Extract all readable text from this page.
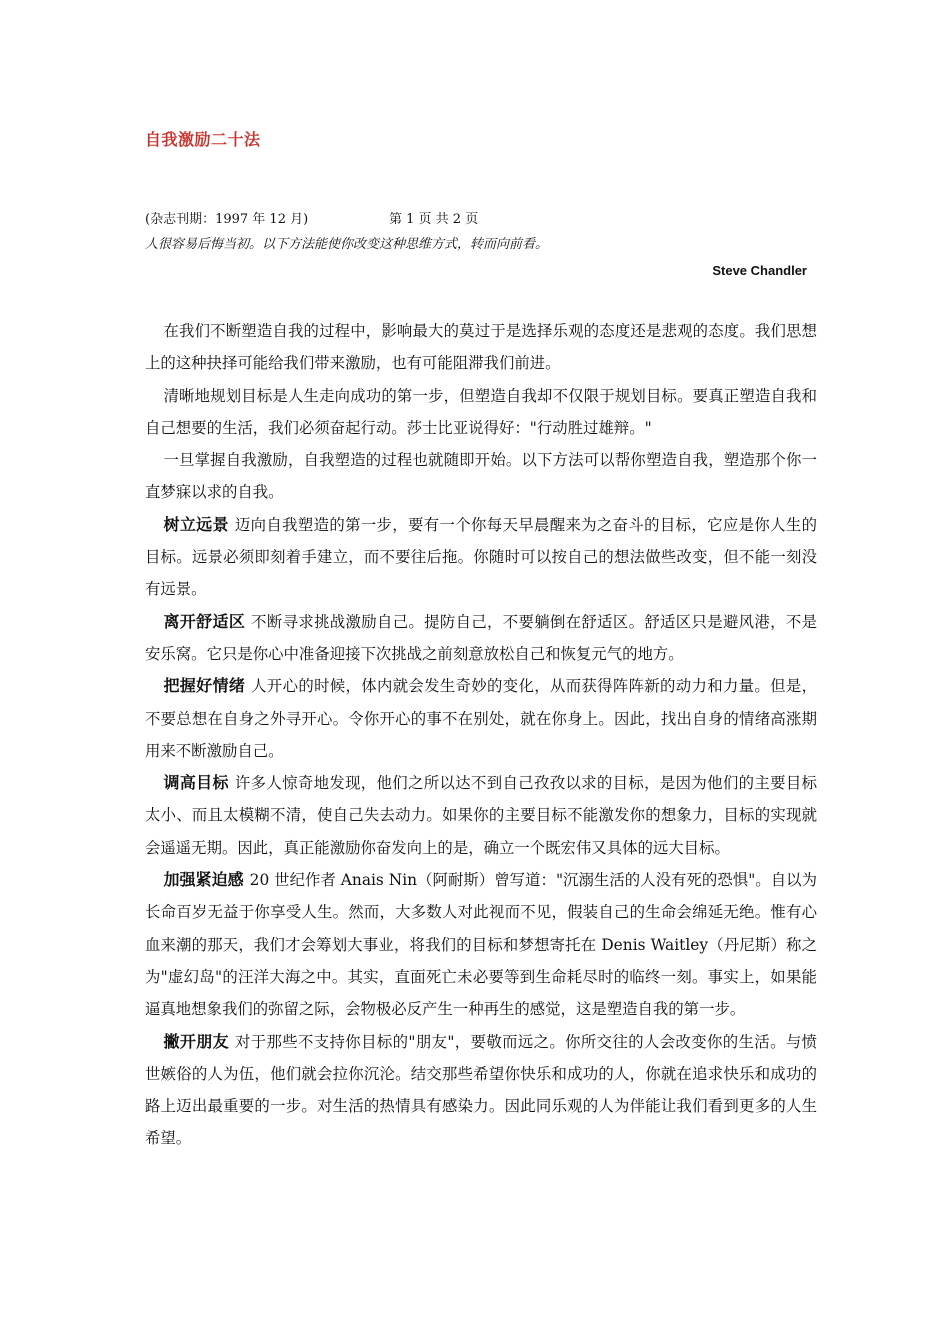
自我激励二十法
(杂志刊期：1997 年 12 月)	第 1 页 共 2 页
人很容易后悔当初。以下方法能使你改变这种思维方式，转而向前看。
Steve Chandler

在我们不断塑造自我的过程中，影响最大的莫过于是选择乐观的态度还是悲观的态度。我们思想上的这种抉择可能给我们带来激励，也有可能阻滞我们前进。

清晰地规划目标是人生走向成功的第一步，但塑造自我却不仅限于规划目标。要真正塑造自我和自己想要的生活，我们必须奋起行动。莎士比亚说得好："行动胜过雄辩。"

一旦掌握自我激励，自我塑造的过程也就随即开始。以下方法可以帮你塑造自我，塑造那个你一直梦寐以求的自我。

树立远景 迈向自我塑造的第一步，要有一个你每天早晨醒来为之奋斗的目标，它应是你人生的目标。远景必须即刻着手建立，而不要往后拖。你随时可以按自己的想法做些改变，但不能一刻没有远景。

离开舒适区 不断寻求挑战激励自己。提防自己，不要躺倒在舒适区。舒适区只是避风港，不是安乐窝。它只是你心中准备迎接下次挑战之前刻意放松自己和恢复元气的地方。

把握好情绪 人开心的时候，体内就会发生奇妙的变化，从而获得阵阵新的动力和力量。但是，不要总想在自身之外寻开心。令你开心的事不在别处，就在你身上。因此，找出自身的情绪高涨期用来不断激励自己。

调高目标 许多人惊奇地发现，他们之所以达不到自己孜孜以求的目标，是因为他们的主要目标太小、而且太模糊不清，使自己失去动力。如果你的主要目标不能激发你的想象力，目标的实现就会遥遥无期。因此，真正能激励你奋发向上的是，确立一个既宏伟又具体的远大目标。

加强紧迫感 20 世纪作者 Anais Nin（阿耐斯）曾写道："沉溺生活的人没有死的恐惧"。自以为长命百岁无益于你享受人生。然而，大多数人对此视而不见，假装自己的生命会绵延无绝。惟有心血来潮的那天，我们才会筹划大事业，将我们的目标和梦想寄托在 Denis Waitley（丹尼斯）称之为"虚幻岛"的汪洋大海之中。其实，直面死亡未必要等到生命耗尽时的临终一刻。事实上，如果能逼真地想象我们的弥留之际，会物极必反产生一种再生的感觉，这是塑造自我的第一步。

撇开朋友 对于那些不支持你目标的"朋友"，要敬而远之。你所交往的人会改变你的生活。与愤世嫉俗的人为伍，他们就会拉你沉沦。结交那些希望你快乐和成功的人，你就在追求快乐和成功的路上迈出最重要的一步。对生活的热情具有感染力。因此同乐观的人为伴能让我们看到更多的人生希望。
